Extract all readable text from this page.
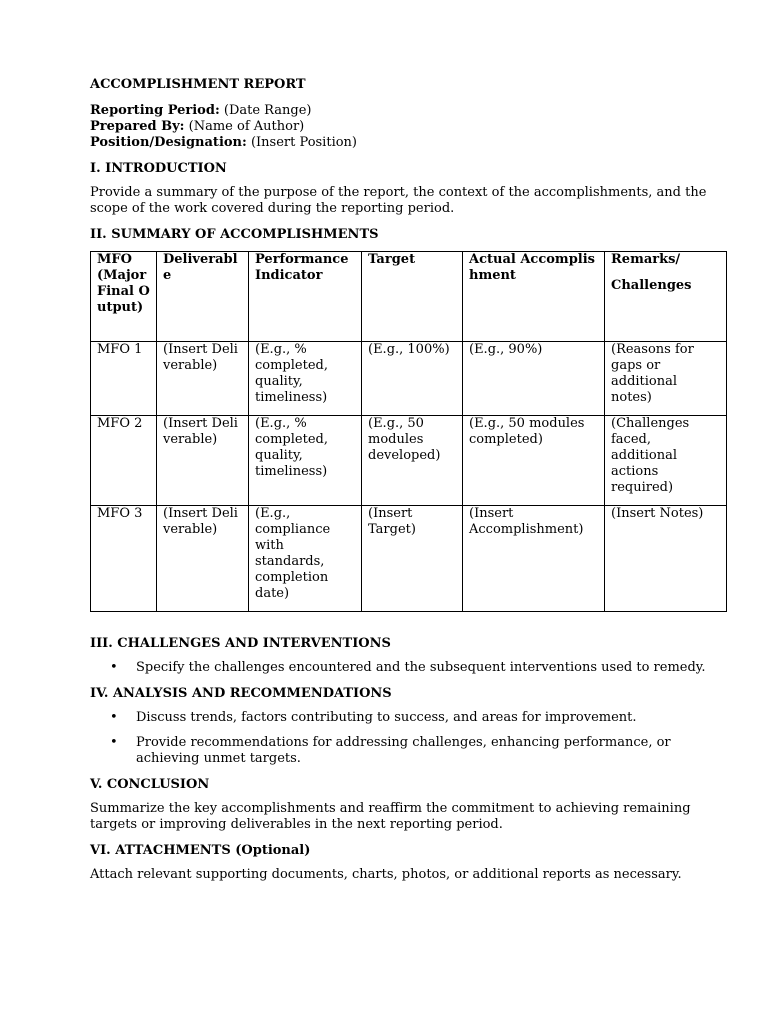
ACCOMPLISHMENT REPORT
Reporting Period: (Date Range)
Prepared By: (Name of Author)
Position/Designation: (Insert Position)
I. INTRODUCTION

Provide a summary of the purpose of the report, the context of the accomplishments, and the scope of the work covered during the reporting period.

II. SUMMARY OF ACCOMPLISHMENTS
MFO (Major Final Output)	Deliverable	Performance Indicator	Target	Actual Accomplishment	Remarks/
Challenges

MFO 1	(Insert Deliverable)	(E.g., % completed, quality, timeliness)	(E.g., 100%)	(E.g., 90%)	(Reasons for gaps or additional notes)
MFO 2	(Insert Deliverable)	(E.g., % completed, quality, timeliness)	(E.g., 50 modules developed)	(E.g., 50 modules completed)	(Challenges faced, additional actions required)
MFO 3	(Insert Deliverable)	(E.g., compliance with standards, completion date)	(Insert Target)	(Insert Accomplishment)	(Insert Notes)
III. CHALLENGES AND INTERVENTIONS
• Specify the challenges encountered and the subsequent interventions used to remedy.
IV. ANALYSIS AND RECOMMENDATIONS
• Discuss trends, factors contributing to success, and areas for improvement.
• Provide recommendations for addressing challenges, enhancing performance, or achieving unmet targets.
V. CONCLUSION

Summarize the key accomplishments and reaffirm the commitment to achieving remaining targets or improving deliverables in the next reporting period.

VI. ATTACHMENTS (Optional)

Attach relevant supporting documents, charts, photos, or additional reports as necessary.
